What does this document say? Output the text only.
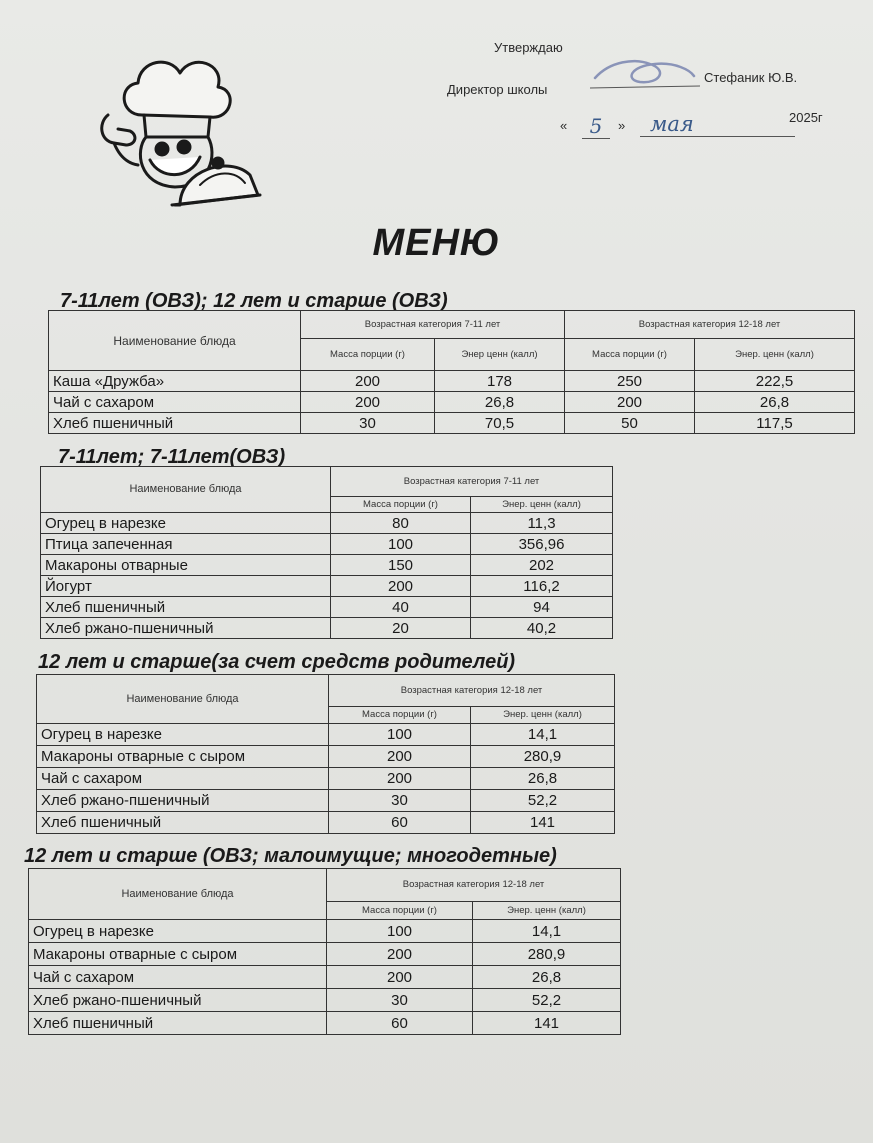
Утверждаю
Директор школы
Стефаник Ю.В.
«	5	»	мая	2025г
МЕНЮ
7-11лет (ОВЗ); 12 лет и старше (ОВЗ)
Наименование блюда	Возрастная категория 7-11 лет		Возрастная категория 12-18 лет	
	Масса порции (г)	Энер ценн (калл)	Масса порции (г)	Энер. ценн (калл)
Каша «Дружба»	200	178	250	222,5
Чай с сахаром	200	26,8	200	26,8
Хлеб пшеничный	30	70,5	50	117,5
7-11лет; 7-11лет(ОВЗ)
Наименование блюда	Возрастная категория 7-11 лет	
	Масса порции (г)	Энер. ценн (калл)
Огурец в нарезке	80	11,3
Птица запеченная	100	356,96
Макароны отварные	150	202
Йогурт	200	116,2
Хлеб пшеничный	40	94
Хлеб ржано-пшеничный	20	40,2
12 лет и старше(за счет средств родителей)
Наименование блюда	Возрастная категория 12-18 лет	
	Масса порции (г)	Энер. ценн (калл)
Огурец в нарезке	100	14,1
Макароны отварные с сыром	200	280,9
Чай с сахаром	200	26,8
Хлеб ржано-пшеничный	30	52,2
Хлеб пшеничный	60	141
12 лет и старше (ОВЗ; малоимущие; многодетные)
Наименование блюда	Возрастная категория 12-18 лет	
	Масса порции (г)	Энер. ценн (калл)
Огурец в нарезке	100	14,1
Макароны отварные с сыром	200	280,9
Чай с сахаром	200	26,8
Хлеб ржано-пшеничный	30	52,2
Хлеб пшеничный	60	141
